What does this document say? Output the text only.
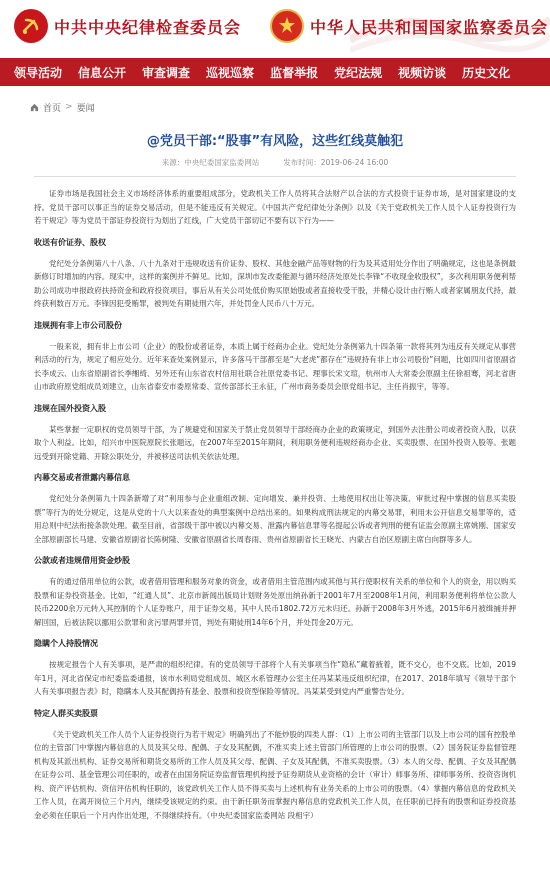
中共中央纪律检查委员会	中华人民共和国国家监察委员会
领导活动	信息公开	审查调查	巡视巡察	监督举报	党纪法规	视频访谈	历史文化
首页 > 要闻
@党员干部:“股事”有风险，这些红线莫触犯
来源：中央纪委国家监委网站	发布时间：2019-06-24 16:00

证券市场是我国社会主义市场经济体系的重要组成部分，党政机关工作人员将其合法财产以合法的方式投资于证券市场，是对国家建设的支持。党员干部可以事正当的证券交易活动，但是不能违反有关规定。《中国共产党纪律处分条例》以及《关于党政机关工作人员个人证券投资行为若干规定》等为党员干部证券投资行为划出了红线，广大党员干部切记不要有以下行为——

收送有价证券、股权

党纪处分条例第八十八条、八十九条对于违规收送有价证券、股权、其他金融产品等财物的行为及其适用处分作出了明确规定，这也是条例最新修订时增加的内容。现实中，这样的案例并不鲜见。比如，深圳市发改委能源与循环经济处原处长李锋“不收现金收股权”，多次利用职务便利帮助公司成功申报政府扶持资金和政府投资项目，事后从有关公司处低价购买原始股或者直接收受干股，并精心设计由行贿人或者家属朋友代持，最终获利数百万元。李锋因犯受贿罪，被判处有期徒刑六年，并处罚金人民币八十万元。

违规拥有非上市公司股份

一般来说，拥有非上市公司（企业）的股份或者证券，本质上属于经商办企业。党纪处分条例第九十四条第一款将其列为违反有关规定从事营利活动的行为，规定了相应处分。近年来查处案例显示，许多落马干部都至是“大老虎”都存在“违规持有非上市公司股份”问题，比如四川省原副省长李成云、山东省原副省长季缃绮、另外还有山东省农村信用社联合社原党委书记、理事长宋文瑄，杭州市人大常委会原副主任徐祖骞，河北省唐山市政府原党组成员刘建立，山东省泰安市委原常委、宣传部部长王永征，广州市商务委员会原党组书记、主任肖振宇，等等。

违规在国外投资入股

某些掌握一定职权的党员领导干部，为了规避党和国家关于禁止党员领导干部经商办企业的政策规定，到国外去注册公司或者投资入股，以获取个人利益。比如，绍兴市中医院原院长张题远，在2007年至2015年期间，利用职务便利违规经商办企业、买卖股票、在国外投资入股等。张题远受到开除党籍、开除公职处分，并被移送司法机关依法处理。

内幕交易或者泄露内幕信息

党纪处分条例第九十四条新增了对“利用参与企业重组改制、定向增发、兼并投资、土地使用权出让等决策、审批过程中掌握的信息买卖股票”等行为的处分规定，这是从党的十八大以来查处的典型案例中总结出来的。如果构成刑法规定的内幕交易罪，利用未公开信息交易罪等的，适用总则中纪法衔接条款处理。截至目前，省部级干部中被以内幕交易、泄露内幕信息罪等名提起公诉或者判刑的便有证监会原副主席姚刚、国家安全部原副部长马建、安徽省原副省长陈树隆、安徽省原副省长周春雨、贵州省原副省长王晓光、内蒙古自治区原副主席白向群等多人。

公款或者违规借用资金炒股

有的通过借用单位的公款，或者借用管理和服务对象的资金，或者借用主管范围内或其他与其行使职权有关系的单位和个人的资金，用以购买股票和证券投资基金。比如，“红通人员”、北京市新闻出版局计划财务处原出纳孙新于2001年7月至2008年1月间，利用职务便利将单位公款人民币2200余万元转入其控制的个人证券账户，用于证券交易，其中人民币1802.72万元未归还。孙新于2008年3月外逃，2015年6月被缉捕并押解回国，后被法院以挪用公款罪和贪污罪两罪并罚，判处有期徒刑14年6个月，并处罚金20万元。

隐瞒个人持股情况

按规定报告个人有关事项，是严肃的组织纪律。有的党员领导干部将个人有关事项当作“隐私”藏着掖着，既不交心，也不交底。比如，2019年1月，河北省保定市纪委监委通报，该市水利局党组成员、城区水系管理办公室主任冯某某违反组织纪律，在2017、2018年填写《领导干部个人有关事项报告表》时，隐瞒本人及其配偶持有基金、股票和投资型保险等情况。冯某某受到党内严重警告处分。

特定人群买卖股票

《关于党政机关工作人员个人证券投资行为若干规定》明确列出了不能炒股的四类人群：（1）上市公司的主管部门以及上市公司的国有控股单位的主管部门中掌握内幕信息的人员及其父母、配偶、子女及其配偶，不准买卖上述主管部门所管理的上市公司的股票。（2）国务院证券监督管理机构及其派出机构、证券交易所和期货交易所的工作人员及其父母、配偶、子女及其配偶，不准买卖股票。（3）本人的父母、配偶、子女及其配偶在证券公司、基金管理公司任职的，或者在由国务院证券监督管理机构授予证券期货从业资格的会计（审计）师事务所、律师事务所、投资咨询机构、资产评估机构、资信评估机构任职的，该党政机关工作人员不得买卖与上述机构有业务关系的上市公司的股票。（4）掌握内幕信息的党政机关工作人员，在离开岗位三个月内，继续受该规定的约束。由于新任职务而掌握内幕信息的党政机关工作人员，在任职前已持有的股票和证券投资基金必须在任职后一个月内作出处理，不得继续持有。（中央纪委国家监委网站 段相宇）
